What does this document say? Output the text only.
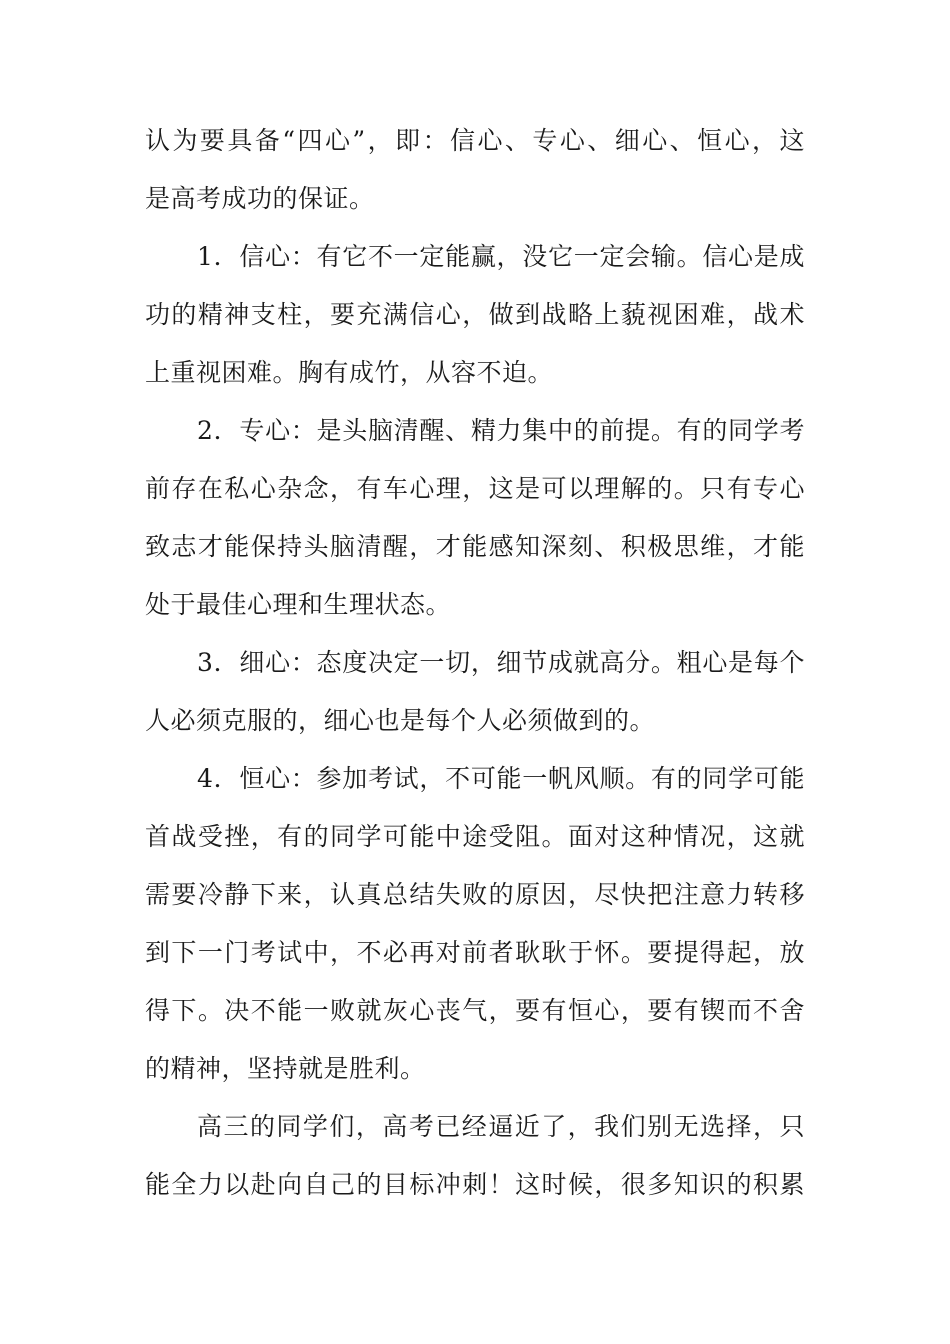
认为要具备“四心”，即：信心、专心、细心、恒心，这
是高考成功的保证。
1．信心：有它不一定能赢，没它一定会输。信心是成
功的精神支柱，要充满信心，做到战略上藐视困难，战术
上重视困难。胸有成竹，从容不迫。
2．专心：是头脑清醒、精力集中的前提。有的同学考
前存在私心杂念，有车心理，这是可以理解的。只有专心
致志才能保持头脑清醒，才能感知深刻、积极思维，才能
处于最佳心理和生理状态。
3．细心：态度决定一切，细节成就高分。粗心是每个
人必须克服的，细心也是每个人必须做到的。
4．恒心：参加考试，不可能一帆风顺。有的同学可能
首战受挫，有的同学可能中途受阻。面对这种情况，这就
需要冷静下来，认真总结失败的原因，尽快把注意力转移
到下一门考试中，不必再对前者耿耿于怀。要提得起，放
得下。决不能一败就灰心丧气，要有恒心，要有锲而不舍
的精神，坚持就是胜利。
高三的同学们，高考已经逼近了，我们别无选择，只
能全力以赴向自己的目标冲刺！这时候，很多知识的积累
